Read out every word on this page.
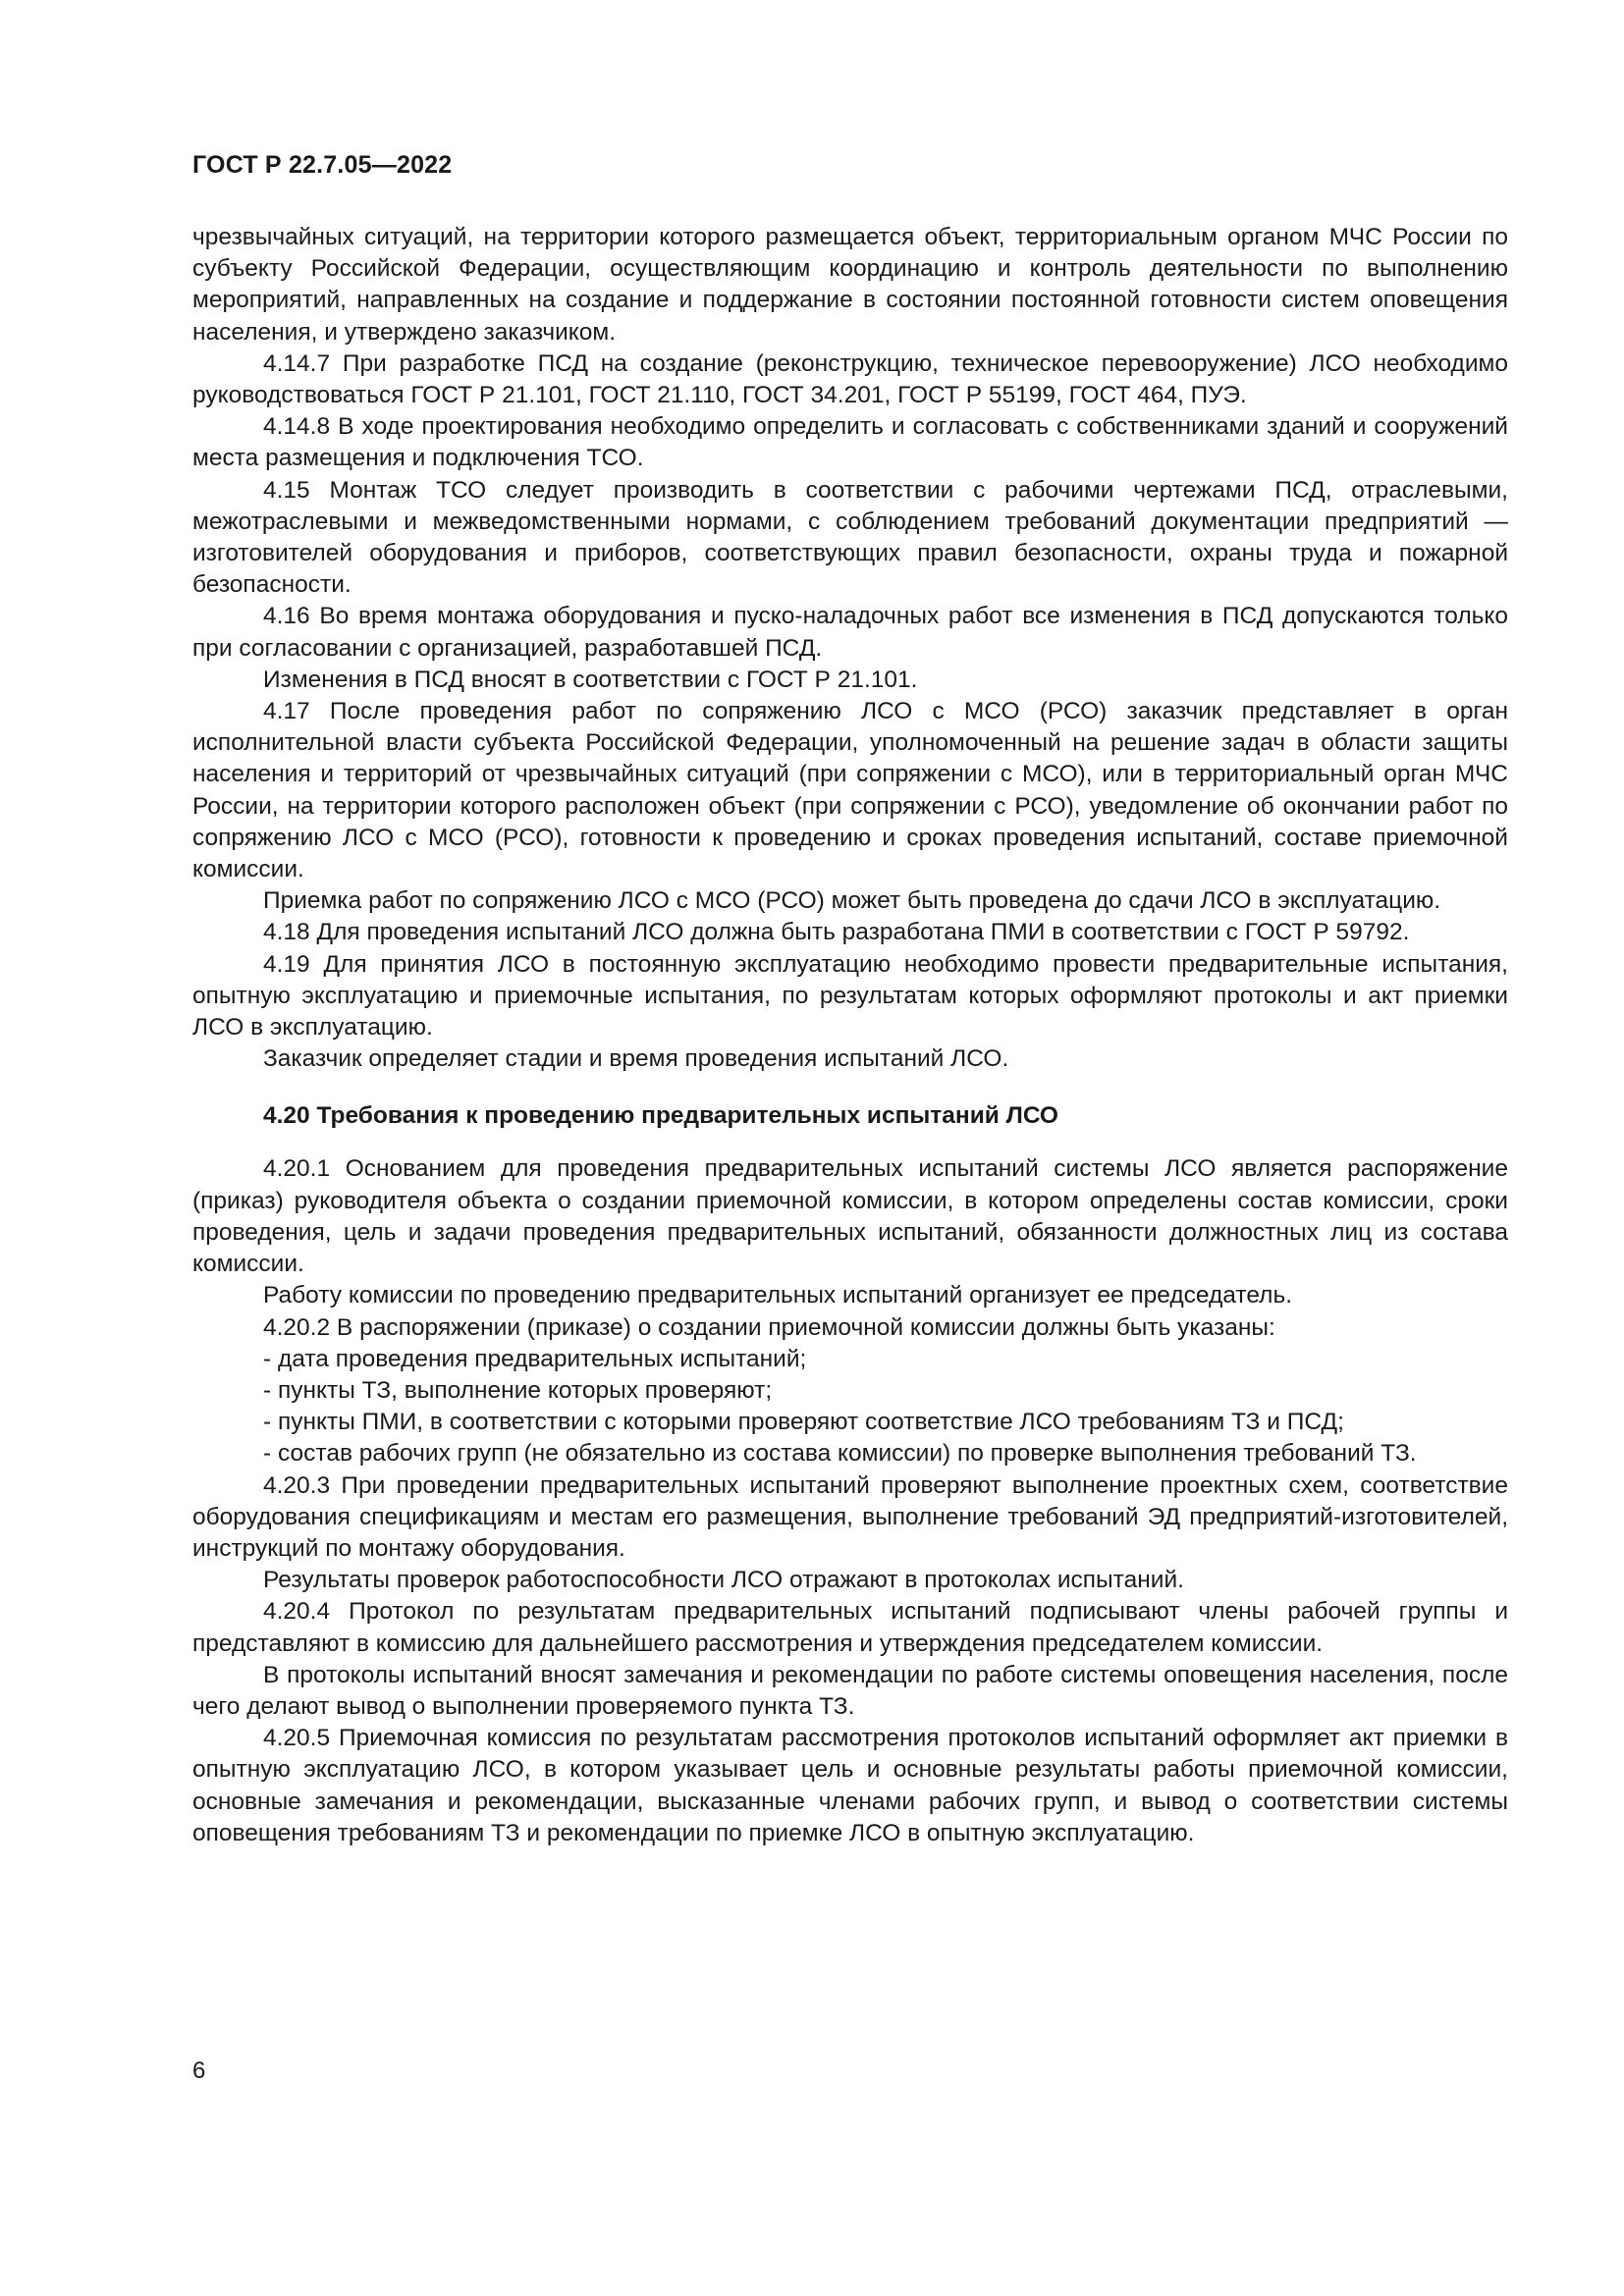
ГОСТ Р 22.7.05—2022

чрезвычайных ситуаций, на территории которого размещается объект, территориальным органом МЧС России по субъекту Российской Федерации, осуществляющим координацию и контроль деятельности по выполнению мероприятий, направленных на создание и поддержание в состоянии постоянной готовности систем оповещения населения, и утверждено заказчиком.

4.14.7 При разработке ПСД на создание (реконструкцию, техническое перевооружение) ЛСО необходимо руководствоваться ГОСТ Р 21.101, ГОСТ 21.110, ГОСТ 34.201, ГОСТ Р 55199, ГОСТ 464, ПУЭ.

4.14.8 В ходе проектирования необходимо определить и согласовать с собственниками зданий и сооружений места размещения и подключения ТСО.

4.15 Монтаж ТСО следует производить в соответствии с рабочими чертежами ПСД, отраслевыми, межотраслевыми и межведомственными нормами, с соблюдением требований документации предприятий — изготовителей оборудования и приборов, соответствующих правил безопасности, охраны труда и пожарной безопасности.

4.16 Во время монтажа оборудования и пуско-наладочных работ все изменения в ПСД допускаются только при согласовании с организацией, разработавшей ПСД.

Изменения в ПСД вносят в соответствии с ГОСТ Р 21.101.

4.17 После проведения работ по сопряжению ЛСО с МСО (РСО) заказчик представляет в орган исполнительной власти субъекта Российской Федерации, уполномоченный на решение задач в области защиты населения и территорий от чрезвычайных ситуаций (при сопряжении с МСО), или в территориальный орган МЧС России, на территории которого расположен объект (при сопряжении с РСО), уведомление об окончании работ по сопряжению ЛСО с МСО (РСО), готовности к проведению и сроках проведения испытаний, составе приемочной комиссии.

Приемка работ по сопряжению ЛСО с МСО (РСО) может быть проведена до сдачи ЛСО в эксплуатацию.

4.18 Для проведения испытаний ЛСО должна быть разработана ПМИ в соответствии с ГОСТ Р 59792.

4.19 Для принятия ЛСО в постоянную эксплуатацию необходимо провести предварительные испытания, опытную эксплуатацию и приемочные испытания, по результатам которых оформляют протоколы и акт приемки ЛСО в эксплуатацию.

Заказчик определяет стадии и время проведения испытаний ЛСО.

4.20 Требования к проведению предварительных испытаний ЛСО

4.20.1 Основанием для проведения предварительных испытаний системы ЛСО является распоряжение (приказ) руководителя объекта о создании приемочной комиссии, в котором определены состав комиссии, сроки проведения, цель и задачи проведения предварительных испытаний, обязанности должностных лиц из состава комиссии.

Работу комиссии по проведению предварительных испытаний организует ее председатель.

4.20.2 В распоряжении (приказе) о создании приемочной комиссии должны быть указаны:

- дата проведения предварительных испытаний;

- пункты ТЗ, выполнение которых проверяют;

- пункты ПМИ, в соответствии с которыми проверяют соответствие ЛСО требованиям ТЗ и ПСД;

- состав рабочих групп (не обязательно из состава комиссии) по проверке выполнения требований ТЗ.

4.20.3 При проведении предварительных испытаний проверяют выполнение проектных схем, соответствие оборудования спецификациям и местам его размещения, выполнение требований ЭД предприятий-изготовителей, инструкций по монтажу оборудования.

Результаты проверок работоспособности ЛСО отражают в протоколах испытаний.

4.20.4 Протокол по результатам предварительных испытаний подписывают члены рабочей группы и представляют в комиссию для дальнейшего рассмотрения и утверждения председателем комиссии.

В протоколы испытаний вносят замечания и рекомендации по работе системы оповещения населения, после чего делают вывод о выполнении проверяемого пункта ТЗ.

4.20.5 Приемочная комиссия по результатам рассмотрения протоколов испытаний оформляет акт приемки в опытную эксплуатацию ЛСО, в котором указывает цель и основные результаты работы приемочной комиссии, основные замечания и рекомендации, высказанные членами рабочих групп, и вывод о соответствии системы оповещения требованиям ТЗ и рекомендации по приемке ЛСО в опытную эксплуатацию.

6
